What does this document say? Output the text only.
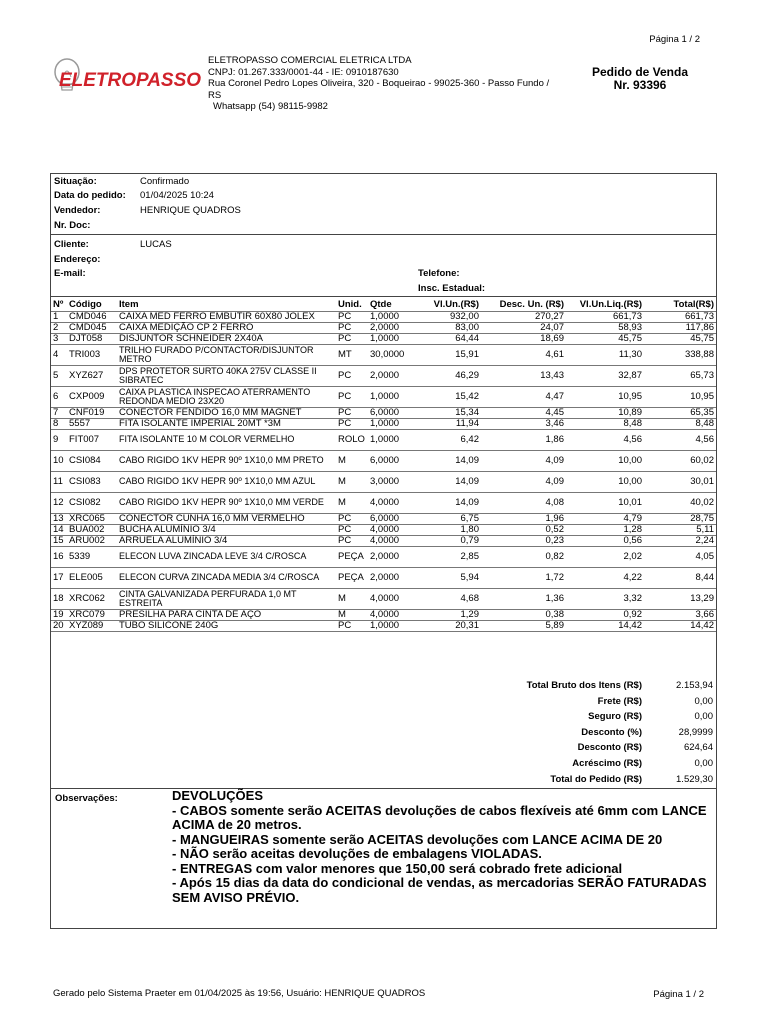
Página 1 / 2
ELETROPASSO
ELETROPASSO COMERCIAL ELETRICA LTDA
CNPJ: 01.267.333/0001-44 - IE: 0910187630
Rua Coronel Pedro Lopes Oliveira, 320 - Boqueirao - 99025-360 - Passo Fundo / RS
Whatsapp (54) 98115-9982
Pedido de Venda
Nr. 93396
Situação:	Confirmado
Data do pedido: 01/04/2025 10:24
Vendedor:	HENRIQUE QUADROS
Nr. Doc:
Cliente:	LUCAS
Endereço:
E-mail:	Telefone:
Insc. Estadual:
Nº	Código	Item	Unid.	Qtde	Vl.Un.(R$)	Desc. Un. (R$)	Vl.Un.Liq.(R$)	Total(R$)
1	CMD046	CAIXA MED FERRO EMBUTIR 60X80 JOLEX	PC	1,0000	932,00	270,27	661,73	661,73
2	CMD045	CAIXA MEDIÇÃO CP 2 FERRO	PC	2,0000	83,00	24,07	58,93	117,86
3	DJT058	DISJUNTOR SCHNEIDER 2X40A	PC	1,0000	64,44	18,69	45,75	45,75
4	TRI003	TRILHO FURADO P/CONTACTOR/DISJUNTOR METRO	MT	30,0000	15,91	4,61	11,30	338,88
5	XYZ627	DPS PROTETOR SURTO 40KA 275V CLASSE II SIBRATEC	PC	2,0000	46,29	13,43	32,87	65,73
6	CXP009	CAIXA PLASTICA INSPECAO ATERRAMENTO REDONDA MEDIO 23X20	PC	1,0000	15,42	4,47	10,95	10,95
7	CNF019	CONECTOR FENDIDO 16,0 MM MAGNET	PC	6,0000	15,34	4,45	10,89	65,35
8	5557	FITA ISOLANTE IMPERIAL 20MT *3M	PC	1,0000	11,94	3,46	8,48	8,48
9	FIT007	FITA ISOLANTE 10 M COLOR VERMELHO	ROLO	1,0000	6,42	1,86	4,56	4,56
10	CSI084	CABO RIGIDO 1KV HEPR 90º 1X10,0 MM PRETO	M	6,0000	14,09	4,09	10,00	60,02
11	CSI083	CABO RIGIDO 1KV HEPR 90º 1X10,0 MM AZUL	M	3,0000	14,09	4,09	10,00	30,01
12	CSI082	CABO RIGIDO 1KV HEPR 90º 1X10,0 MM VERDE	M	4,0000	14,09	4,08	10,01	40,02
13	XRC065	CONECTOR CUNHA 16,0 MM VERMELHO	PC	6,0000	6,75	1,96	4,79	28,75
14	BUA002	BUCHA ALUMÍNIO 3/4	PC	4,0000	1,80	0,52	1,28	5,11
15	ARU002	ARRUELA ALUMÍNIO 3/4	PC	4,0000	0,79	0,23	0,56	2,24
16	5339	ELECON LUVA ZINCADA LEVE 3/4 C/ROSCA	PEÇA	2,0000	2,85	0,82	2,02	4,05
17	ELE005	ELECON CURVA ZINCADA MEDIA 3/4 C/ROSCA	PEÇA	2,0000	5,94	1,72	4,22	8,44
18	XRC062	CINTA GALVANIZADA PERFURADA 1,0 MT ESTREITA	M	4,0000	4,68	1,36	3,32	13,29
19	XRC079	PRESILHA PARA CINTA DE AÇO	M	4,0000	1,29	0,38	0,92	3,66
20	XYZ089	TUBO SILICONE 240G	PC	1,0000	20,31	5,89	14,42	14,42
Total Bruto dos Itens (R$)	2.153,94
Frete (R$)	0,00
Seguro (R$)	0,00
Desconto (%)	28,9999
Desconto (R$)	624,64
Acréscimo (R$)	0,00
Total do Pedido (R$)	1.529,30
Observações:	DEVOLUÇÕES
- CABOS somente serão ACEITAS devoluções de cabos flexíveis até 6mm com LANCE ACIMA de 20 metros.
- MANGUEIRAS somente serão ACEITAS devoluções com LANCE ACIMA DE 20
- NÃO serão aceitas devoluções de embalagens VIOLADAS.
- ENTREGAS com valor menores que 150,00 será cobrado frete adicional
- Após 15 dias da data do condicional de vendas, as mercadorias SERÃO FATURADAS SEM AVISO PRÉVIO.
Gerado pelo Sistema Praeter em 01/04/2025 às 19:56, Usuário: HENRIQUE QUADROS	Página 1 / 2
